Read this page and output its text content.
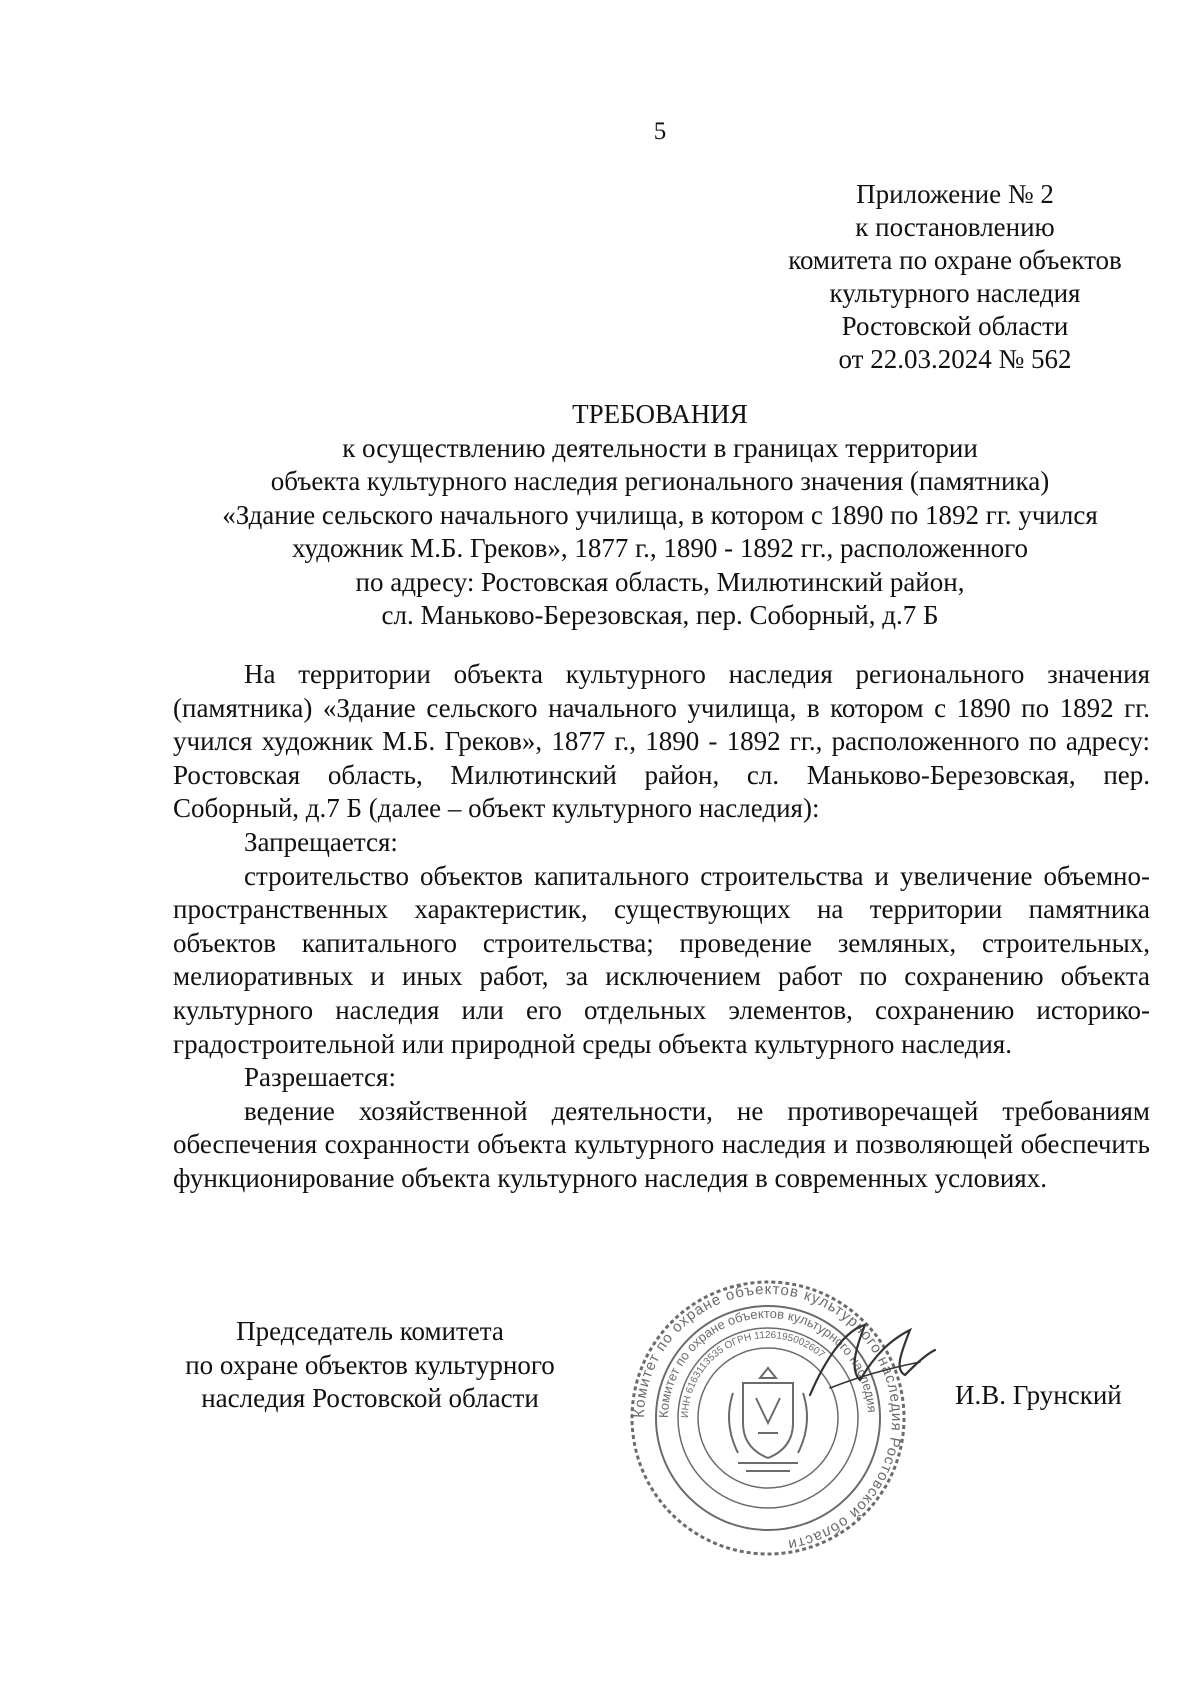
5
Приложение № 2
к постановлению
комитета по охране объектов
культурного наследия
Ростовской области
от 22.03.2024 № 562
ТРЕБОВАНИЯ
к осуществлению деятельности в границах территории
объекта культурного наследия регионального значения (памятника)
«Здание сельского начального училища, в котором с 1890 по 1892 гг. учился
художник М.Б. Греков», 1877 г., 1890 - 1892 гг., расположенного
по адресу: Ростовская область, Милютинский район,
сл. Маньково-Березовская, пер. Соборный, д.7 Б

На территории объекта культурного наследия регионального значения (памятника) «Здание сельского начального училища, в котором с 1890 по 1892 гг. учился художник М.Б. Греков», 1877 г., 1890 - 1892 гг., расположенного по адресу: Ростовская область, Милютинский район, сл. Маньково-Березовская, пер. Соборный, д.7 Б (далее – объект культурного наследия):

Запрещается:

строительство объектов капитального строительства и увеличение объемно-пространственных характеристик, существующих на территории памятника объектов капитального строительства; проведение земляных, строительных, мелиоративных и иных работ, за исключением работ по сохранению объекта культурного наследия или его отдельных элементов, сохранению историко-градостроительной или природной среды объекта культурного наследия.

Разрешается:

ведение хозяйственной деятельности, не противоречащей требованиям обеспечения сохранности объекта культурного наследия и позволяющей обеспечить функционирование объекта культурного наследия в современных условиях.

Председатель комитета
по охране объектов культурного
наследия Ростовской области	Комитет по охране объектов культурного наследия Ростовской области
Комитет по охране объектов культурного наследия
ИНН 6163113535 ОГРН 1126195002607
И.В. Грунский
